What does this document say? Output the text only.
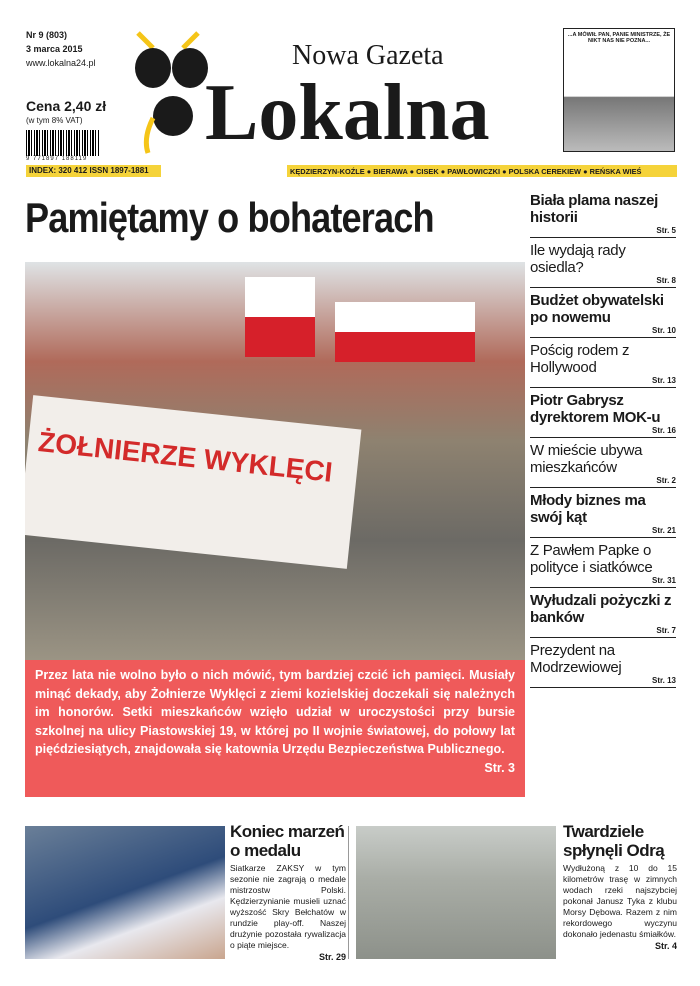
Nr 9 (803)
3 marca 2015
www.lokalna24.pl
Cena 2,40 zł
(w tym 8% VAT)
9 771897 188119
INDEX: 320 412 ISSN 1897-1881
Nowa Gazeta
Lokalna
KĘDZIERZYN-KOŹLE ● BIERAWA ● CISEK ● PAWŁOWICZKI ● POLSKA CEREKIEW ● REŃSKA WIEŚ
...A MÓWIŁ PAN, PANIE MINISTRZE, ŻE NIKT NAS NIE POZNA...
Pamiętamy o bohaterach
ŻOŁNIERZE WYKLĘCI
Przez lata nie wolno było o nich mówić, tym bardziej czcić ich pamięci. Musiały minąć dekady, aby Żołnierze Wyklęci z ziemi kozielskiej doczekali się należnych im honorów. Setki mieszkańców wzięło udział w uroczystości przy bursie szkolnej na ulicy Piastowskiej 19, w której po II wojnie światowej, do połowy lat pięćdziesiątych, znajdowała się katownia Urzędu Bezpieczeństwa Publicznego.
Str. 3
Biała plama naszej historii
Str. 5
Ile wydają rady osiedla?
Str. 8
Budżet obywatelski po nowemu
Str. 10
Pościg rodem z Hollywood
Str. 13
Piotr Gabrysz dyrektorem MOK-u
Str. 16
W mieście ubywa mieszkańców
Str. 2
Młody biznes ma swój kąt
Str. 21
Z Pawłem Papke o polityce i siatkówce
Str. 31
Wyłudzali pożyczki z banków
Str. 7
Prezydent na Modrzewiowej
Str. 13
Koniec marzeń o medalu
Siatkarze ZAKSY w tym sezonie nie zagrają o medale mistrzostw Polski. Kędzierzynianie musieli uznać wyższość Skry Bełchatów w rundzie play-off. Naszej drużynie pozostała rywalizacja o piąte miejsce.
Str. 29
Twardziele spłynęli Odrą
Wydłużoną z 10 do 15 kilometrów trasę w zimnych wodach rzeki najszybciej pokonał Janusz Tyka z klubu Morsy Dębowa. Razem z nim rekordowego wyczynu dokonało jedenastu śmiałków.
Str. 4
